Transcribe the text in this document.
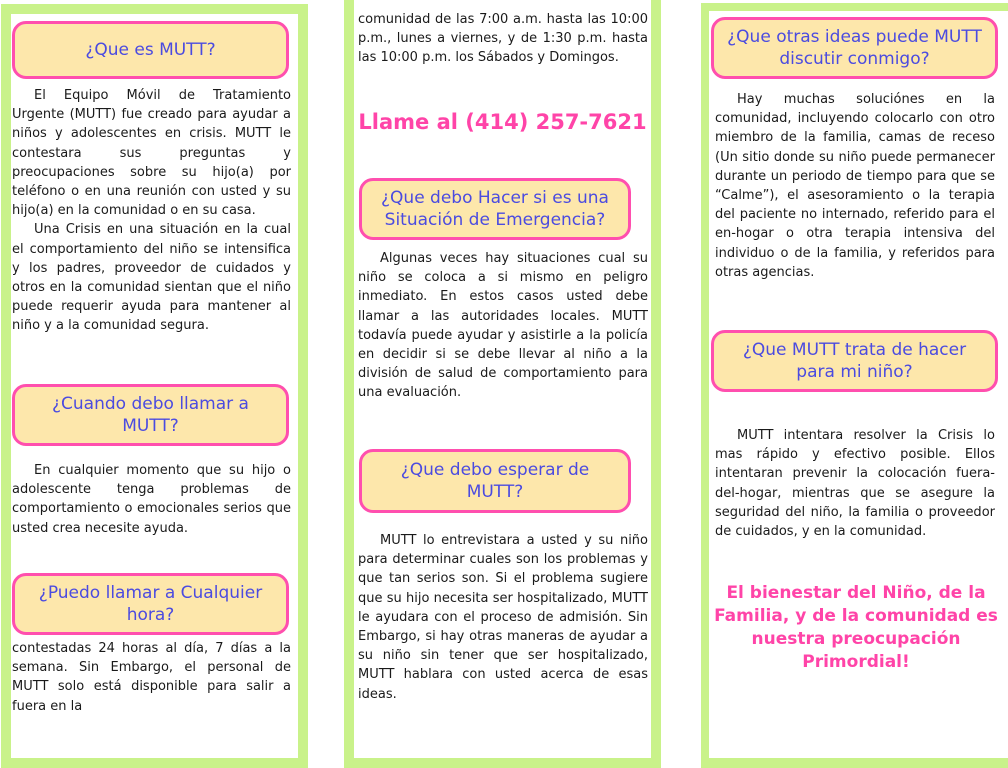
¿Que es MUTT?

El Equipo Móvil de Tratamiento Urgente (MUTT) fue creado para ayudar a niños y adolescentes en crisis. MUTT le contestara sus preguntas y preocupaciones sobre su hijo(a) por teléfono o en una reunión con usted y su hijo(a) en la comunidad o en su casa.

Una Crisis en una situación en la cual el comportamiento del niño se intensifica y los padres, proveedor de cuidados y otros en la comunidad sientan que el niño puede requerir ayuda para mantener al niño y a la comunidad segura.

¿Cuando debo llamar a MUTT?

En cualquier momento que su hijo o adolescente tenga problemas de comportamiento o emocionales serios que usted crea necesite ayuda.

¿Puedo llamar a Cualquier hora?

contestadas 24 horas al día, 7 días a la semana. Sin Embargo, el personal de MUTT solo está disponible para salir a fuera en la

comunidad de las 7:00 a.m. hasta las 10:00 p.m., lunes a viernes, y de 1:30 p.m. hasta las 10:00 p.m. los Sábados y Domingos.

Llame al (414) 257-7621
¿Que debo Hacer si es una Situación de Emergencia?

Algunas veces hay situaciones cual su niño se coloca a si mismo en peligro inmediato. En estos casos usted debe llamar a las autoridades locales. MUTT todavía puede ayudar y asistirle a la policía en decidir si se debe llevar al niño a la división de salud de comportamiento para una evaluación.

¿Que debo esperar de MUTT?

MUTT lo entrevistara a usted y su niño para determinar cuales son los problemas y que tan serios son. Si el problema sugiere que su hijo necesita ser hospitalizado, MUTT le ayudara con el proceso de admisión. Sin Embargo, si hay otras maneras de ayudar a su niño sin tener que ser hospitalizado, MUTT hablara con usted acerca de esas ideas.

¿Que otras ideas puede MUTT discutir conmigo?

Hay muchas soluciónes en la comunidad, incluyendo colocarlo con otro miembro de la familia, camas de receso (Un sitio donde su niño puede permanecer durante un periodo de tiempo para que se “Calme”), el asesoramiento o la terapia del paciente no internado, referido para el en-hogar o otra terapia intensiva del individuo o de la familia, y referidos para otras agencias.

¿Que MUTT trata de hacer para mi niño?

MUTT intentara resolver la Crisis lo mas rápido y efectivo posible. Ellos intentaran prevenir la colocación fuera-del-hogar, mientras que se asegure la seguridad del niño, la familia o proveedor de cuidados, y en la comunidad.

El bienestar del Niño, de la Familia, y de la comunidad es nuestra preocupación Primordial!
